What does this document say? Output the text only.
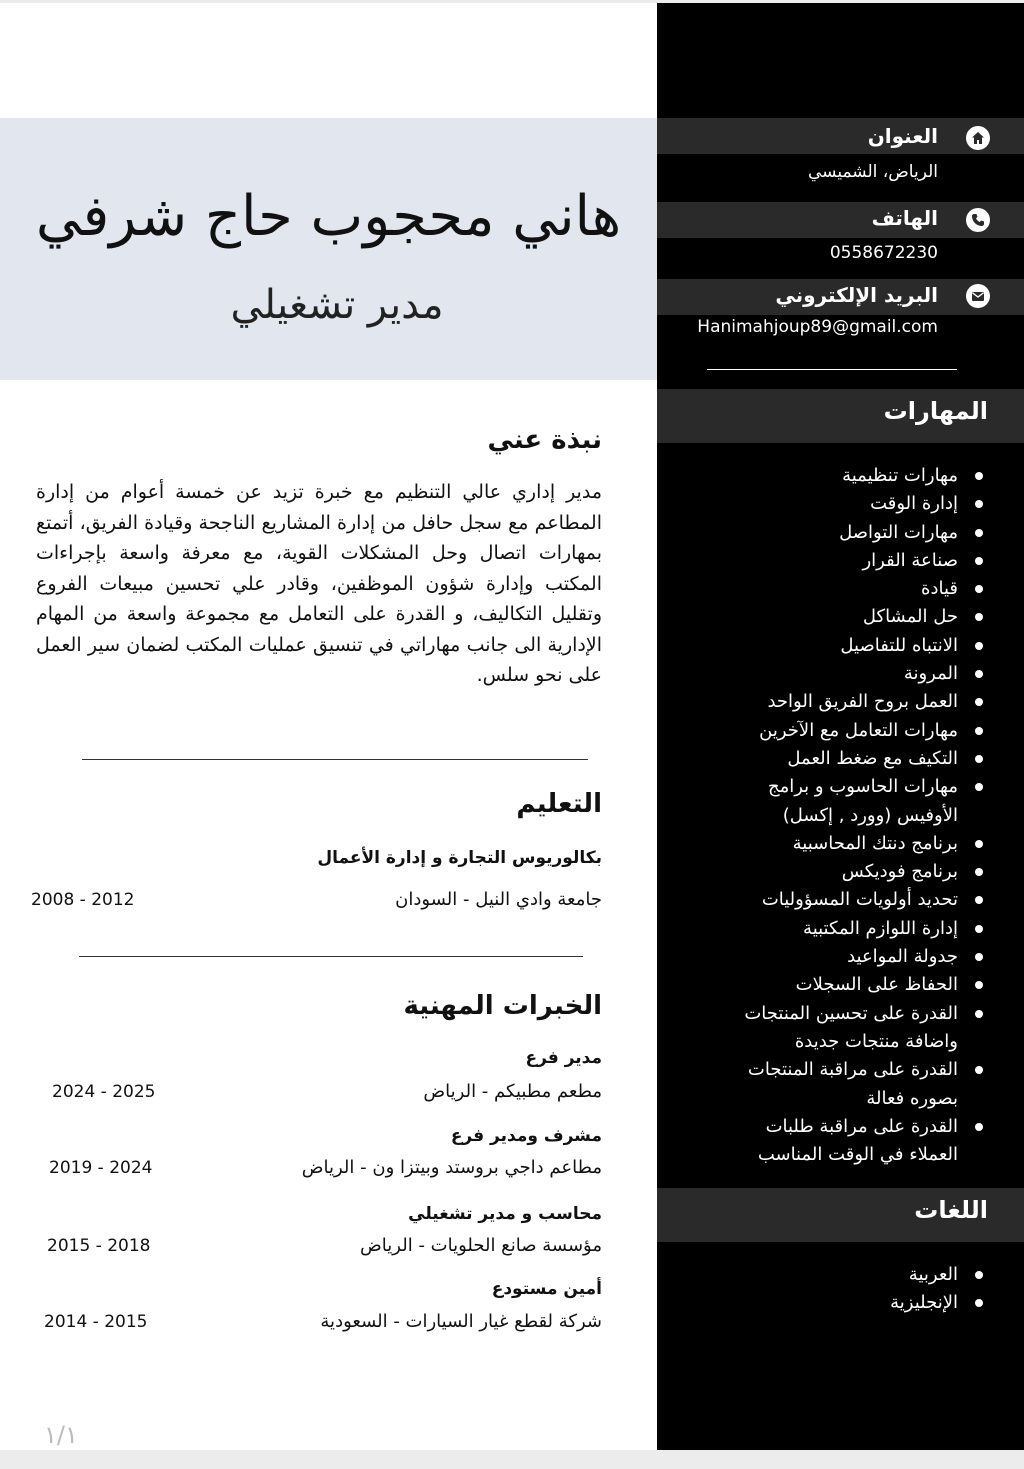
هاني محجوب حاج شرفي
مدير تشغيلي
نبذة عني
مدير إداري عالي التنظيم مع خبرة تزيد عن خمسة أعوام من إدارة المطاعم مع سجل حافل من إدارة المشاريع الناجحة وقيادة الفريق، أتمتع بمهارات اتصال وحل المشكلات القوية، مع معرفة واسعة بإجراءات المكتب وإدارة شؤون الموظفين، وقادر علي تحسين مبيعات الفروع وتقليل التكاليف، و القدرة على التعامل مع مجموعة واسعة من المهام الإدارية الى جانب مهاراتي في تنسيق عمليات المكتب لضمان سير العمل على نحو سلس.
التعليم
بكالوريوس التجارة و إدارة الأعمال
جامعة وادي النيل - السودان
2008 - 2012
الخبرات المهنية
مدير فرع
مطعم مطبيكم - الرياض
2024 - 2025
مشرف ومدير فرع
مطاعم داجي بروستد وبيتزا ون - الرياض
2019 - 2024
محاسب و مدير تشغيلي
مؤسسة صانع الحلويات - الرياض
2015 - 2018
أمين مستودع
شركة لقطع غيار السيارات - السعودية
2014 - 2015
١/١
العنوان
الرياض، الشميسي
الهاتف
0558672230
البريد الإلكتروني
Hanimahjoup89@gmail.com
المهارات
مهارات تنظيمية
إدارة الوقت
مهارات التواصل
صناعة القرار
قيادة
حل المشاكل
الانتباه للتفاصيل
المرونة
العمل بروح الفريق الواحد
مهارات التعامل مع الآخرين
التكيف مع ضغط العمل
مهارات الحاسوب و برامج الأوفيس (وورد , إكسل)
برنامج دنتك المحاسبية
برنامج فوديكس
تحديد أولويات المسؤوليات
إدارة اللوازم المكتبية
جدولة المواعيد
الحفاظ على السجلات
القدرة على تحسين المنتجات واضافة منتجات جديدة
القدرة على مراقبة المنتجات بصوره فعالة
القدرة على مراقبة طلبات العملاء في الوقت المناسب
اللغات
العربية
الإنجليزية
